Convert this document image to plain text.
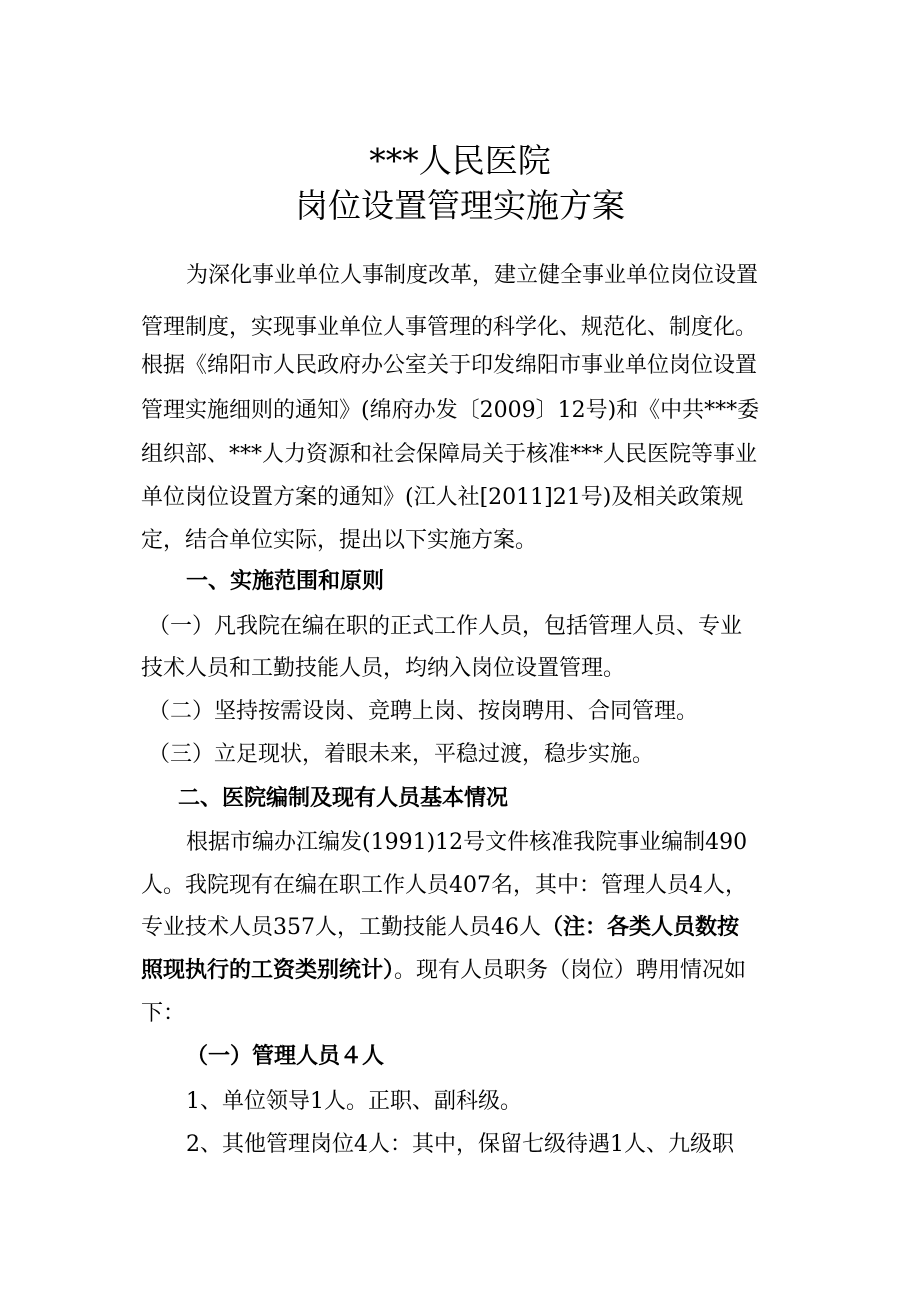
***人民医院
岗位设置管理实施方案

为深化事业单位人事制度改革，建立健全事业单位岗位设置

管理制度，实现事业单位人事管理的科学化、规范化、制度化。

根据《绵阳市人民政府办公室关于印发绵阳市事业单位岗位设置

管理实施细则的通知》(绵府办发〔2009〕12号)和《中共***委

组织部、***人力资源和社会保障局关于核准***人民医院等事业

单位岗位设置方案的通知》(江人社[2011]21号)及相关政策规

定，结合单位实际，提出以下实施方案。

一、实施范围和原则

（一）凡我院在编在职的正式工作人员，包括管理人员、专业

技术人员和工勤技能人员，均纳入岗位设置管理。

（二）坚持按需设岗、竞聘上岗、按岗聘用、合同管理。

（三）立足现状，着眼未来，平稳过渡，稳步实施。

二、医院编制及现有人员基本情况

根据市编办江编发(1991)12号文件核准我院事业编制490

人。我院现有在编在职工作人员407名，其中：管理人员4人，

专业技术人员357人，工勤技能人员46人（注：各类人员数按

照现执行的工资类别统计）。现有人员职务（岗位）聘用情况如

下：

（一）管理人员４人

1、单位领导1人。正职、副科级。

2、其他管理岗位4人：其中，保留七级待遇1人、九级职
